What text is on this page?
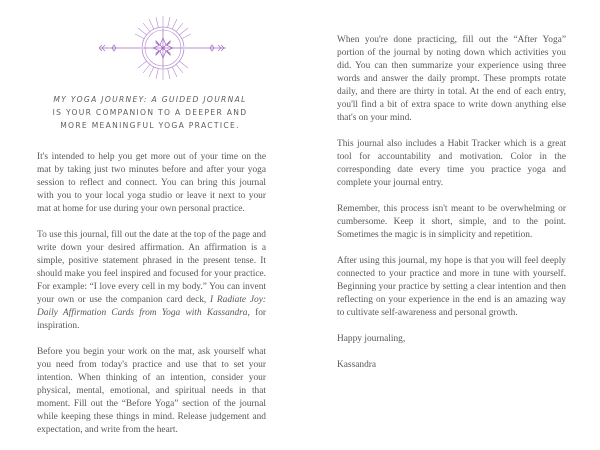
MY YOGA JOURNEY: A GUIDED JOURNAL
IS YOUR COMPANION TO A DEEPER AND
MORE MEANINGFUL YOGA PRACTICE.

It's intended to help you get more out of your time on the mat by taking just two minutes before and after your yoga session to reflect and connect. You can bring this journal with you to your local yoga studio or leave it next to your mat at home for use during your own personal practice.

To use this journal, fill out the date at the top of the page and write down your desired affirmation. An affirmation is a simple, positive statement phrased in the present tense. It should make you feel inspired and focused for your practice. For example: “I love every cell in my body.” You can invent your own or use the companion card deck, I Radiate Joy: Daily Affirmation Cards from Yoga with Kassandra, for inspiration.

Before you begin your work on the mat, ask yourself what you need from today's practice and use that to set your intention. When thinking of an intention, consider your physical, mental, emotional, and spiritual needs in that moment. Fill out the “Before Yoga” section of the journal while keeping these things in mind. Release judgement and expectation, and write from the heart.

When you're done practicing, fill out the “After Yoga” portion of the journal by noting down which activities you did. You can then summarize your experience using three words and answer the daily prompt. These prompts rotate daily, and there are thirty in total. At the end of each entry, you'll find a bit of extra space to write down anything else that's on your mind.

This journal also includes a Habit Tracker which is a great tool for accountability and motivation. Color in the corresponding date every time you practice yoga and complete your journal entry.

Remember, this process isn't meant to be overwhelming or cumbersome. Keep it short, simple, and to the point. Sometimes the magic is in simplicity and repetition.

After using this journal, my hope is that you will feel deeply connected to your practice and more in tune with yourself. Beginning your practice by setting a clear intention and then reflecting on your experience in the end is an amazing way to cultivate self-awareness and personal growth.

Happy journaling,

Kassandra
